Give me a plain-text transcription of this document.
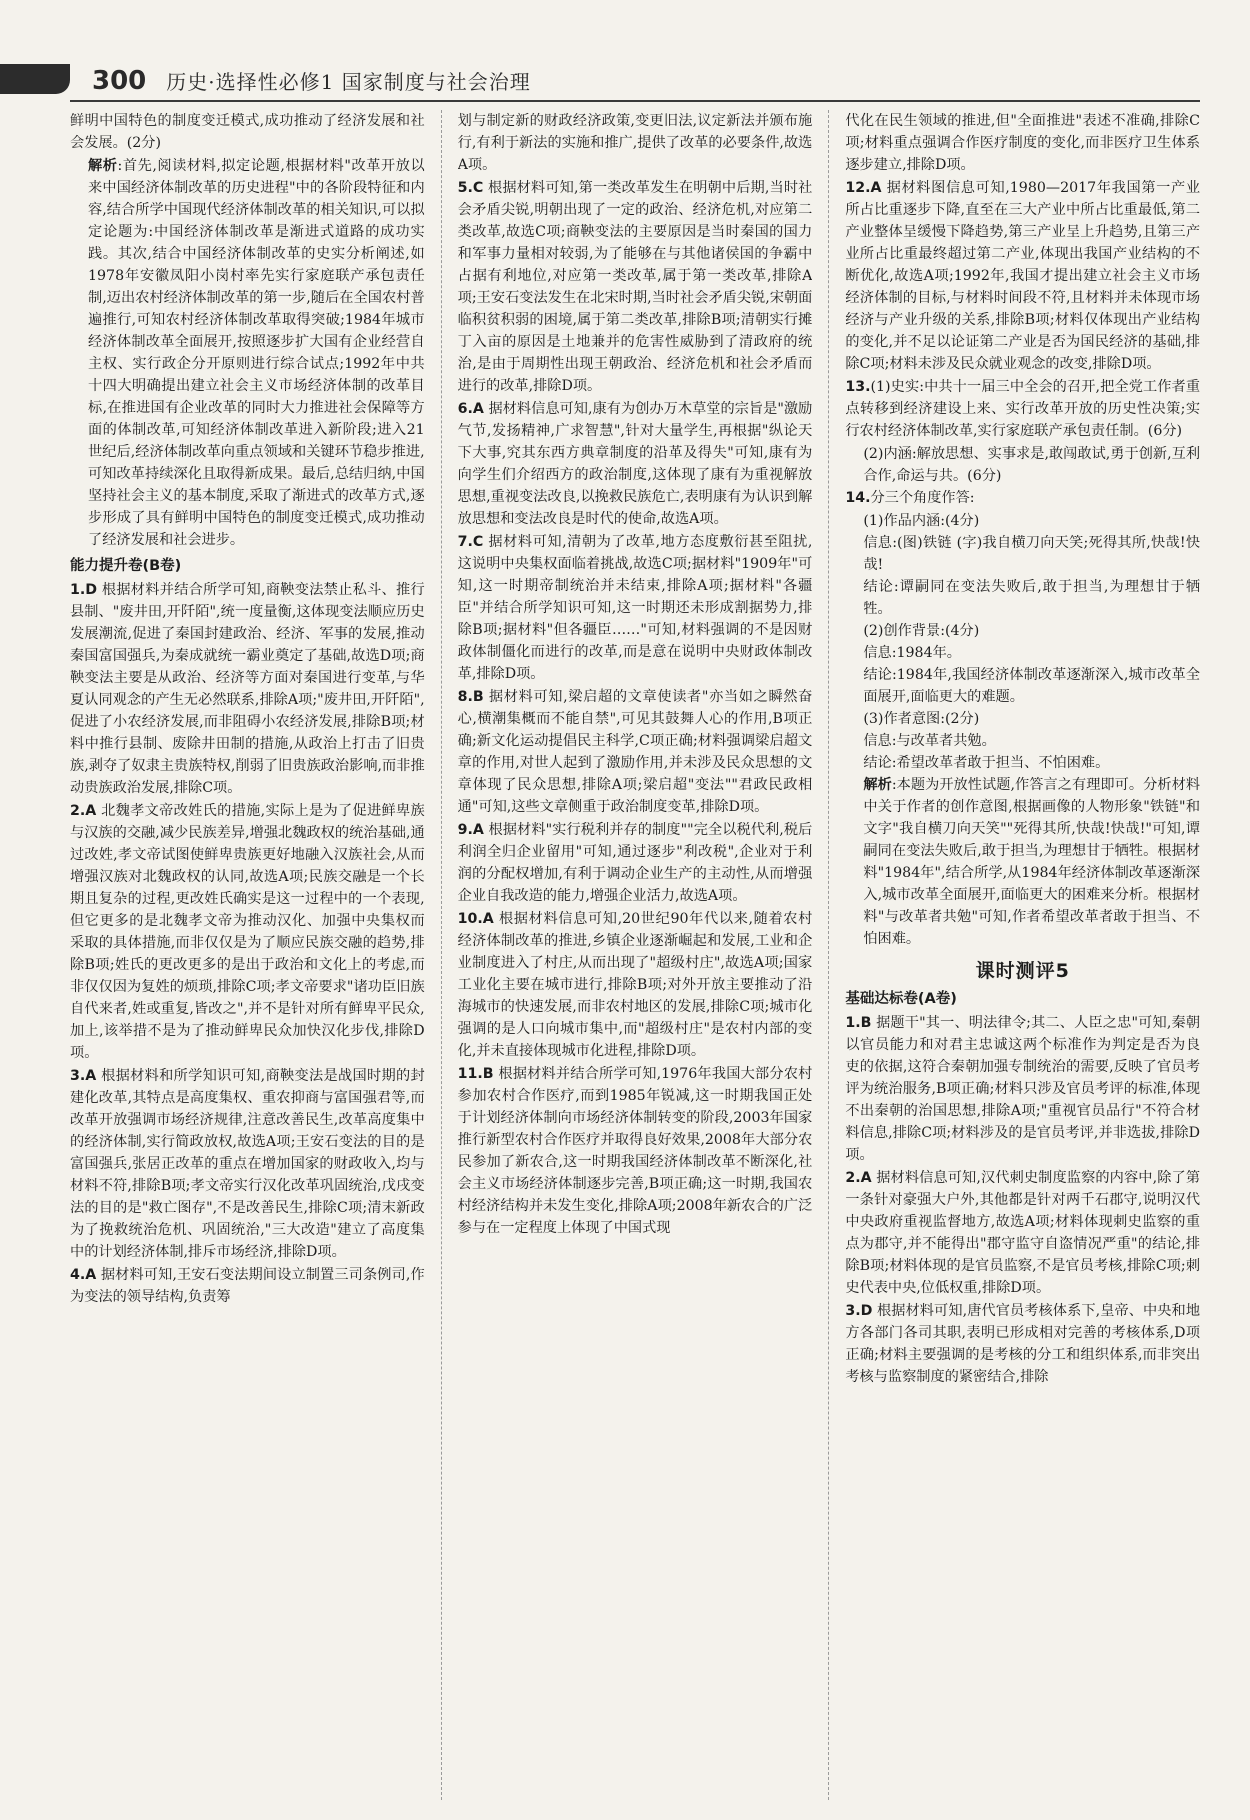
300 历史·选择性必修1 国家制度与社会治理

鲜明中国特色的制度变迁模式,成功推动了经济发展和社会发展。(2分)

解析:首先,阅读材料,拟定论题,根据材料"改革开放以来中国经济体制改革的历史进程"中的各阶段特征和内容,结合所学中国现代经济体制改革的相关知识,可以拟定论题为:中国经济体制改革是渐进式道路的成功实践。其次,结合中国经济体制改革的史实分析阐述,如1978年安徽凤阳小岗村率先实行家庭联产承包责任制,迈出农村经济体制改革的第一步,随后在全国农村普遍推行,可知农村经济体制改革取得突破;1984年城市经济体制改革全面展开,按照逐步扩大国有企业经营自主权、实行政企分开原则进行综合试点;1992年中共十四大明确提出建立社会主义市场经济体制的改革目标,在推进国有企业改革的同时大力推进社会保障等方面的体制改革,可知经济体制改革进入新阶段;进入21世纪后,经济体制改革向重点领域和关键环节稳步推进,可知改革持续深化且取得新成果。最后,总结归纳,中国坚持社会主义的基本制度,采取了渐进式的改革方式,逐步形成了具有鲜明中国特色的制度变迁模式,成功推动了经济发展和社会进步。

能力提升卷(B卷)

1.D 根据材料并结合所学可知,商鞅变法禁止私斗、推行县制、"废井田,开阡陌",统一度量衡,这体现变法顺应历史发展潮流,促进了秦国封建政治、经济、军事的发展,推动秦国富国强兵,为秦成就统一霸业奠定了基础,故选D项;商鞅变法主要是从政治、经济等方面对秦国进行变革,与华夏认同观念的产生无必然联系,排除A项;"废井田,开阡陌",促进了小农经济发展,而非阻碍小农经济发展,排除B项;材料中推行县制、废除井田制的措施,从政治上打击了旧贵族,剥夺了奴隶主贵族特权,削弱了旧贵族政治影响,而非推动贵族政治发展,排除C项。

2.A 北魏孝文帝改姓氏的措施,实际上是为了促进鲜卑族与汉族的交融,减少民族差异,增强北魏政权的统治基础,通过改姓,孝文帝试图使鲜卑贵族更好地融入汉族社会,从而增强汉族对北魏政权的认同,故选A项;民族交融是一个长期且复杂的过程,更改姓氏确实是这一过程中的一个表现,但它更多的是北魏孝文帝为推动汉化、加强中央集权而采取的具体措施,而非仅仅是为了顺应民族交融的趋势,排除B项;姓氏的更改更多的是出于政治和文化上的考虑,而非仅仅因为复姓的烦琐,排除C项;孝文帝要求"诸功臣旧族自代来者,姓或重复,皆改之",并不是针对所有鲜卑平民众,加上,该举措不是为了推动鲜卑民众加快汉化步伐,排除D项。

3.A 根据材料和所学知识可知,商鞅变法是战国时期的封建化改革,其特点是高度集权、重农抑商与富国强君等,而改革开放强调市场经济规律,注意改善民生,改革高度集中的经济体制,实行简政放权,故选A项;王安石变法的目的是富国强兵,张居正改革的重点在增加国家的财政收入,均与材料不符,排除B项;孝文帝实行汉化改革巩固统治,戊戌变法的目的是"救亡图存",不是改善民生,排除C项;清末新政为了挽救统治危机、巩固统治,"三大改造"建立了高度集中的计划经济体制,排斥市场经济,排除D项。

4.A 据材料可知,王安石变法期间设立制置三司条例司,作为变法的领导结构,负责筹

划与制定新的财政经济政策,变更旧法,议定新法并颁布施行,有利于新法的实施和推广,提供了改革的必要条件,故选A项。

5.C 根据材料可知,第一类改革发生在明朝中后期,当时社会矛盾尖锐,明朝出现了一定的政治、经济危机,对应第二类改革,故选C项;商鞅变法的主要原因是当时秦国的国力和军事力量相对较弱,为了能够在与其他诸侯国的争霸中占据有利地位,对应第一类改革,属于第一类改革,排除A项;王安石变法发生在北宋时期,当时社会矛盾尖锐,宋朝面临积贫积弱的困境,属于第二类改革,排除B项;清朝实行摊丁入亩的原因是土地兼并的危害性威胁到了清政府的统治,是由于周期性出现王朝政治、经济危机和社会矛盾而进行的改革,排除D项。

6.A 据材料信息可知,康有为创办万木草堂的宗旨是"激励气节,发扬精神,广求智慧",针对大量学生,再根据"纵论天下大事,究其东西方典章制度的沿革及得失"可知,康有为向学生们介绍西方的政治制度,这体现了康有为重视解放思想,重视变法改良,以挽救民族危亡,表明康有为认识到解放思想和变法改良是时代的使命,故选A项。

7.C 据材料可知,清朝为了改革,地方态度敷衍甚至阻扰,这说明中央集权面临着挑战,故选C项;据材料"1909年"可知,这一时期帝制统治并未结束,排除A项;据材料"各疆臣"并结合所学知识可知,这一时期还未形成割据势力,排除B项;据材料"但各疆臣……"可知,材料强调的不是因财政体制僵化而进行的改革,而是意在说明中央财政体制改革,排除D项。

8.B 据材料可知,梁启超的文章使读者"亦当如之瞬然奋心,横潮集概而不能自禁",可见其鼓舞人心的作用,B项正确;新文化运动提倡民主科学,C项正确;材料强调梁启超文章的作用,对世人起到了激励作用,并未涉及民众思想的文章体现了民众思想,排除A项;梁启超"变法""君政民政相通"可知,这些文章侧重于政治制度变革,排除D项。

9.A 根据材料"实行税利并存的制度""完全以税代利,税后利润全归企业留用"可知,通过逐步"利改税",企业对于利润的分配权增加,有利于调动企业生产的主动性,从而增强企业自我改造的能力,增强企业活力,故选A项。

10.A 根据材料信息可知,20世纪90年代以来,随着农村经济体制改革的推进,乡镇企业逐渐崛起和发展,工业和企业制度进入了村庄,从而出现了"超级村庄",故选A项;国家工业化主要在城市进行,排除B项;对外开放主要推动了沿海城市的快速发展,而非农村地区的发展,排除C项;城市化强调的是人口向城市集中,而"超级村庄"是农村内部的变化,并未直接体现城市化进程,排除D项。

11.B 根据材料并结合所学可知,1976年我国大部分农村参加农村合作医疗,而到1985年锐减,这一时期我国正处于计划经济体制向市场经济体制转变的阶段,2003年国家推行新型农村合作医疗并取得良好效果,2008年大部分农民参加了新农合,这一时期我国经济体制改革不断深化,社会主义市场经济体制逐步完善,B项正确;这一时期,我国农村经济结构并未发生变化,排除A项;2008年新农合的广泛参与在一定程度上体现了中国式现

代化在民生领域的推进,但"全面推进"表述不准确,排除C项;材料重点强调合作医疗制度的变化,而非医疗卫生体系逐步建立,排除D项。

12.A 据材料图信息可知,1980—2017年我国第一产业所占比重逐步下降,直至在三大产业中所占比重最低,第二产业整体呈缓慢下降趋势,第三产业呈上升趋势,且第三产业所占比重最终超过第二产业,体现出我国产业结构的不断优化,故选A项;1992年,我国才提出建立社会主义市场经济体制的目标,与材料时间段不符,且材料并未体现市场经济与产业升级的关系,排除B项;材料仅体现出产业结构的变化,并不足以论证第二产业是否为国民经济的基础,排除C项;材料未涉及民众就业观念的改变,排除D项。

13.(1)史实:中共十一届三中全会的召开,把全党工作者重点转移到经济建设上来、实行改革开放的历史性决策;实行农村经济体制改革,实行家庭联产承包责任制。(6分)

(2)内涵:解放思想、实事求是,敢闯敢试,勇于创新,互利合作,命运与共。(6分)

14.分三个角度作答:

(1)作品内涵:(4分)

信息:(图)铁链 (字)我自横刀向天笑;死得其所,快哉!快哉!

结论:谭嗣同在变法失败后,敢于担当,为理想甘于牺牲。

(2)创作背景:(4分)

信息:1984年。

结论:1984年,我国经济体制改革逐渐深入,城市改革全面展开,面临更大的难题。

(3)作者意图:(2分)

信息:与改革者共勉。

结论:希望改革者敢于担当、不怕困难。

解析:本题为开放性试题,作答言之有理即可。分析材料中关于作者的创作意图,根据画像的人物形象"铁链"和文字"我自横刀向天笑""死得其所,快哉!快哉!"可知,谭嗣同在变法失败后,敢于担当,为理想甘于牺牲。根据材料"1984年",结合所学,从1984年经济体制改革逐渐深入,城市改革全面展开,面临更大的困难来分析。根据材料"与改革者共勉"可知,作者希望改革者敢于担当、不怕困难。

课时测评5
基础达标卷(A卷)

1.B 据题干"其一、明法律令;其二、人臣之忠"可知,秦朝以官员能力和对君主忠诚这两个标准作为判定是否为良吏的依据,这符合秦朝加强专制统治的需要,反映了官员考评为统治服务,B项正确;材料只涉及官员考评的标准,体现不出秦朝的治国思想,排除A项;"重视官员品行"不符合材料信息,排除C项;材料涉及的是官员考评,并非选拔,排除D项。

2.A 据材料信息可知,汉代刺史制度监察的内容中,除了第一条针对豪强大户外,其他都是针对两千石郡守,说明汉代中央政府重视监督地方,故选A项;材料体现刺史监察的重点为郡守,并不能得出"郡守监守自盗情况严重"的结论,排除B项;材料体现的是官员监察,不是官员考核,排除C项;刺史代表中央,位低权重,排除D项。

3.D 根据材料可知,唐代官员考核体系下,皇帝、中央和地方各部门各司其职,表明已形成相对完善的考核体系,D项正确;材料主要强调的是考核的分工和组织体系,而非突出考核与监察制度的紧密结合,排除
